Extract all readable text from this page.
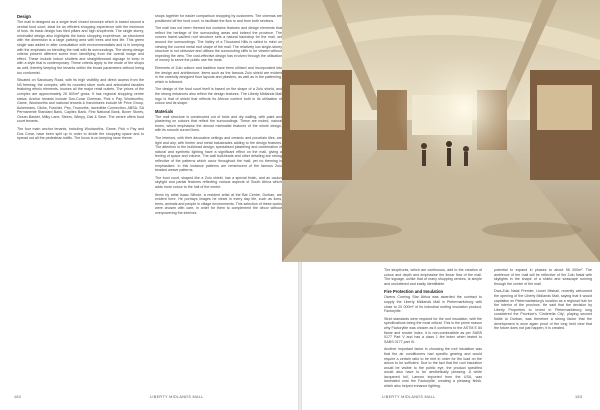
Design

The mall is designed as a single level closed structure which is based around a central food court, ideal for an efficient shopping experience with the minimum of fuss. Its basic design has tiled pillars and high shopfronts. The single storey, minimalist design also highlights the basic shopping experience, as structured with the dimension is a large parking area with trees and bird life. This green single was added in after consultation with environmentalists and is in keeping with the emphasis on blending the mall with its surroundings. The strong design criteria present different scene from identifying from the overall image and effect. These include indoor shutters and straightforward signage to keep in with a style that is contemporary. These criteria apply to the mode of the shops as well, thereby keeping the tenants within the broad parameters without being too conformist.

Situated on Sanctuary Road, with its high visibility and direct access from the N3 freeway, the complex, with its rounded silver roofs and articulated facades featuring ethnic elements, houses all the major retail outlets. The prices of the complex are approximately 26 800m² gross. It has regional shopping centre status. Anchor tenants include Dos-Corar Cinemas, Pick n Pay, Woolworths, Game, Woolworths and national tenants & franchisees include Mr Price Group, Ackermans, Clicks, Foschini, Pep, Truworths, Incredible Connection, ABSA, SA Permanente Standard Bank, Capitec Bank, First National Bank, Boxer Stores, Ocean Basket, Milky Lane, Steers, Wimpy, Dial & Save. The centre offers food court tenants.

The four main anchor tenants, including Woolworths, Game, Pick n Pay and Dos Corar, have been split up in order to divide the shopping space and to spread out all the pedestrian traffic. The focus is on keeping store theme.

shops together for easier comparison shopping by customers. The cinemas are positioned off the food court, to facilitate the flow to and from both sections.

The mall has not been themed but contains features and design elements that reflect the heritage of the surrounding areas and indeed the province. The convex barrel-vaulted roof structure sets a natural backdrop for the mall, set around the surroundings. The Valley of a Thousand Hills is called to mind on viewing the curved metal roof shape of the mall. The relatively low single-storey structure is not obtrusive and utilises the surrounding cliffs to be viewed without impeding the view. The cost-effective design has evolved through the utilisation of money to serve the public use the most.

Elements of Zulu culture and tradition have been utilised and incorporated into the design and architecture, items such as the famous Zulu shield are evident in the carefully designed floor layouts and pilasters, as well as in the patterning, which is followed.

The design of the food court itself is based on the shape of a Zulu shield, and the strong entrances also reflect the design features. The Liberty Midlands Mall logo is that of shield that reflects its African context both in its utilisation of colour and its shape.

Materials

The mall structure is constructed out of brick and dry walling, with paint and plastering on colours that reflect the surroundings. These are muted, natural tones, which emphasise the almost minimalist features of the whole design, with its smooth curved lines.

The interiors, with their decorative ceilings and ceramic and porcelain tiles, are light and airy, with timber and metal balustrades adding to the design features. The attention to the bulkhead design, specialised plastering and combination of natural and synthetic lighting have a significant effect on the mall, giving a feeling of space and volume. The wall bulkheads and other detailing are strong reflective of the patterns which occur throughout the mall, yet no theming is emphasised. In this instance patterns are reminiscent of the famous Zulu beaded weave patterns.

The food court, shaped like a Zulu shield, has a special finish, and an oculus skylight and partial features reflecting various aspects of South Africa which adds more colour to the hall of the centre.

Items by artist Isaac Sithole, a resident artist at the Bat Centre, Durban, are evident here. He portrays images he views in every day life, such as lions, trees, animals and people in village environments. This selection of these works were chosen with care, in order for them to complement the décor without overpowering the interiors.

The shopfronts, which are continuous, add to the creation of colour and depth and emphasise the linear flow of the mall. The signage, unlike that of many shopping centres, is simple and uncluttered and easily identifiable.

Fire Protection and Insulation

Owens Corning Star Africa was awarded the contract to supply the Liberty Midlands Mall in Pietermaritzburg with close to 20 000m² of its industrial roofing insulation product, Factorylite.

Strict standards were required for the roof insulation, with fire specifications being the most critical. This is the prime reason why Factorylite was chosen as it conforms to the ASTM E 84 flame and smoke index, it is non-combustible as per SABS 0177 Part V and has a class 1 fire index when tested to SABS 0177 part III.

Another important factor in choosing the roof insulation was that the air conditioners had specific gearing and would require a certain ratio to be met in order for the load on the aircon to be sufficient. Due to the fact that the roof insulation would be visible to the public eye, the product specified would also have to be aesthetically pleasing. A white lacquered foil, Lamoro imported from the USA, was laminated onto the Factorylite, creating a pleasing finish, which also helped enhance lighting.

potential to expand in phases to about 56 000m². The ambience of the mall will be reflective of the Zulu Natal with skylights in the shape of a shield and seascape running through the centre of the mall.

Dwa-Zulu Natal Premier, Lionel Mtshali, recently welcomed the opening of the Liberty Midlands Mall, saying that it would capitalise on Pietermaritzburg's location as a regional hub for the interior of the province. He said that the decision by Liberty Properties to invest in Pietermaritzburg long considered the Province's 'Cinderella City', playing second fiddle to Durban, was therefore a strong factor that the development is once again proof of the long held view that the future does not just happen, it is created.

182	LIBERTY MIDLANDS MALL	LIBERTY MIDLANDS MALL	183
